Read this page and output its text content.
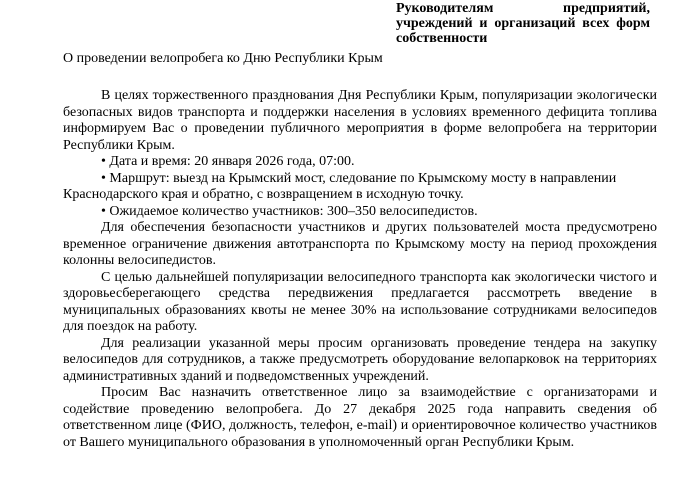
Руководителям предприятий, учреждений и организаций всех форм собственности
О проведении велопробега ко Дню Республики Крым

В целях торжественного празднования Дня Республики Крым, популяризации экологически безопасных видов транспорта и поддержки населения в условиях временного дефицита топлива информируем Вас о проведении публичного мероприятия в форме велопробега на территории Республики Крым.

• Дата и время: 20 января 2026 года, 07:00.

• Маршрут: выезд на Крымский мост, следование по Крымскому мосту в направлении Краснодарского края и обратно, с возвращением в исходную точку.

• Ожидаемое количество участников: 300–350 велосипедистов.

Для обеспечения безопасности участников и других пользователей моста предусмотрено временное ограничение движения автотранспорта по Крымскому мосту на период прохождения колонны велосипедистов.

С целью дальнейшей популяризации велосипедного транспорта как экологически чистого и здоровьесберегающего средства передвижения предлагается рассмотреть введение в муниципальных образованиях квоты не менее 30% на использование сотрудниками велосипедов для поездок на работу.

Для реализации указанной меры просим организовать проведение тендера на закупку велосипедов для сотрудников, а также предусмотреть оборудование велопарковок на территориях административных зданий и подведомственных учреждений.

Просим Вас назначить ответственное лицо за взаимодействие с организаторами и содействие проведению велопробега. До 27 декабря 2025 года направить сведения об ответственном лице (ФИО, должность, телефон, e-mail) и ориентировочное количество участников от Вашего муниципального образования в уполномоченный орган Республики Крым.
